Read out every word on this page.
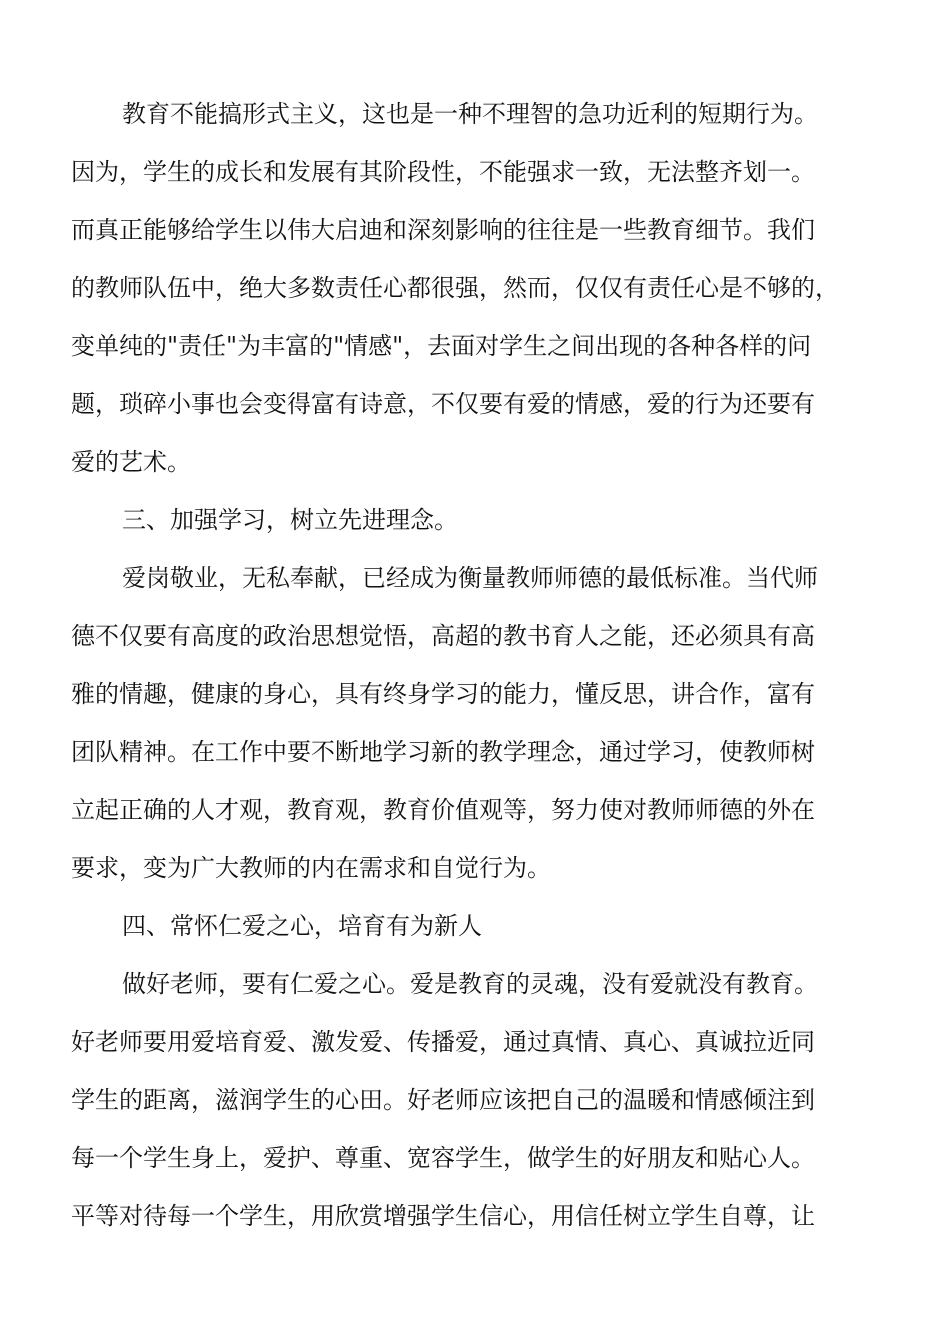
教育不能搞形式主义，这也是一种不理智的急功近利的短期行为。
因为，学生的成长和发展有其阶段性，不能强求一致，无法整齐划一。
而真正能够给学生以伟大启迪和深刻影响的往往是一些教育细节。我们
的教师队伍中，绝大多数责任心都很强，然而，仅仅有责任心是不够的，
变单纯的"责任"为丰富的"情感"，去面对学生之间出现的各种各样的问
题，琐碎小事也会变得富有诗意，不仅要有爱的情感，爱的行为还要有
爱的艺术。
三、加强学习，树立先进理念。
爱岗敬业，无私奉献，已经成为衡量教师师德的最低标准。当代师
德不仅要有高度的政治思想觉悟，高超的教书育人之能，还必须具有高
雅的情趣，健康的身心，具有终身学习的能力，懂反思，讲合作，富有
团队精神。在工作中要不断地学习新的教学理念，通过学习，使教师树
立起正确的人才观，教育观，教育价值观等，努力使对教师师德的外在
要求，变为广大教师的内在需求和自觉行为。
四、常怀仁爱之心，培育有为新人
做好老师，要有仁爱之心。爱是教育的灵魂，没有爱就没有教育。
好老师要用爱培育爱、激发爱、传播爱，通过真情、真心、真诚拉近同
学生的距离，滋润学生的心田。好老师应该把自己的温暖和情感倾注到
每一个学生身上，爱护、尊重、宽容学生，做学生的好朋友和贴心人。
平等对待每一个学生，用欣赏增强学生信心，用信任树立学生自尊，让
